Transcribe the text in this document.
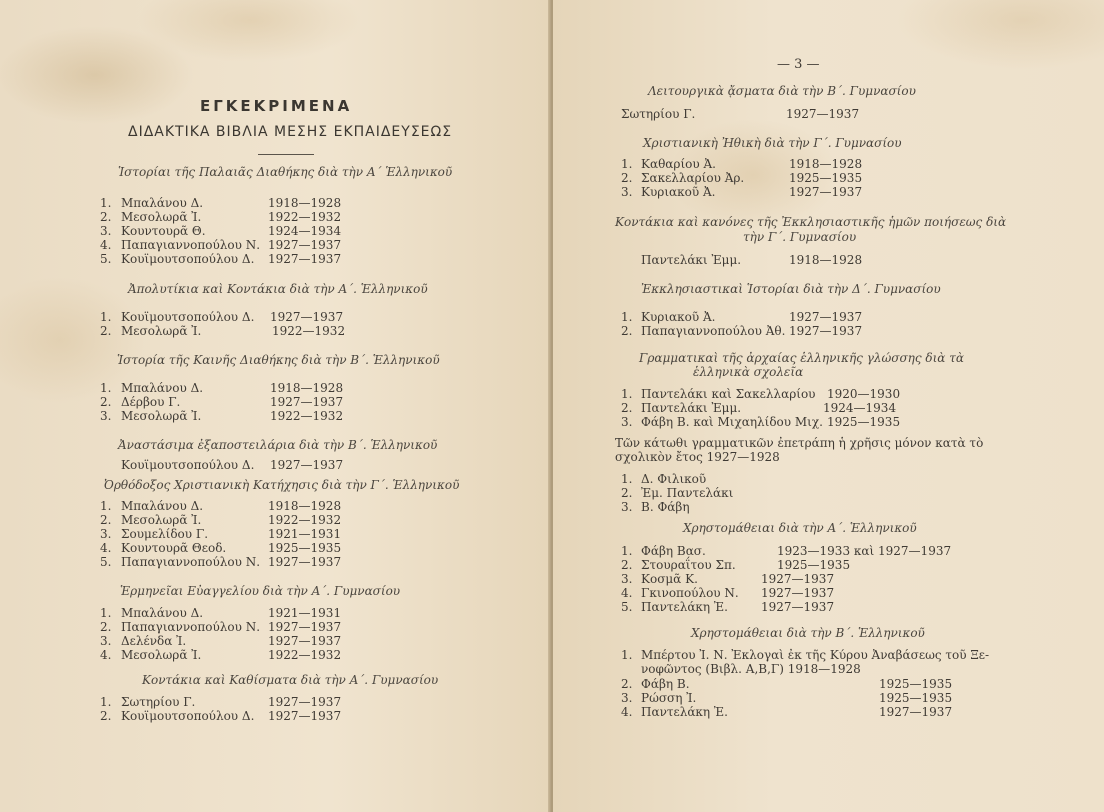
ΕΓΚΕΚΡΙΜΕΝΑ
ΔΙΔΑΚΤΙΚΑ ΒΙΒΛΙΑ ΜΕΣΗΣ ΕΚΠΑΙΔΕΥΣΕΩΣ
Ἱστορίαι τῆς Παλαιᾶς Διαθήκης διὰ τὴν Α΄ Ἑλληνικοῦ
1. Μπαλάνου Δ.	1918—1928
2. Μεσολωρᾶ Ἰ.	1922—1932
3. Κουντουρᾶ Θ.	1924—1934
4. Παπαγιαννοπούλου Ν. 1927—1937
5. Κουϊμουτσοπούλου Δ. 1927—1937
Ἀπολυτίκια καὶ Κοντάκια διὰ τὴν Α΄. Ἑλληνικοῦ
1. Κουϊμουτσοπούλου Δ. 1927—1937
2. Μεσολωρᾶ Ἰ.	1922—1932
Ἱστορία τῆς Καινῆς Διαθήκης διὰ τὴν Β΄. Ἑλληνικοῦ
1. Μπαλάνου Δ.	1918—1928
2. Δέρβου Γ.	1927—1937
3. Μεσολωρᾶ Ἰ.	1922—1932
Ἀναστάσιμα ἐξαποστειλάρια διὰ τὴν Β΄. Ἑλληνικοῦ
Κουϊμουτσοπούλου Δ. 1927—1937
Ὀρθόδοξος Χριστιανικὴ Κατήχησις διὰ τὴν Γ΄. Ἑλληνικοῦ
1. Μπαλάνου Δ.	1918—1928
2. Μεσολωρᾶ Ἰ.	1922—1932
3. Σουμελίδου Γ.	1921—1931
4. Κουντουρᾶ Θεοδ.	1925—1935
5. Παπαγιαννοπούλου Ν. 1927—1937
Ἑρμηνεῖαι Εὐαγγελίου διὰ τὴν Α΄. Γυμνασίου
1. Μπαλάνου Δ.	1921—1931
2. Παπαγιαννοπούλου Ν. 1927—1937
3. Δελένδα Ἰ.	1927—1937
4. Μεσολωρᾶ Ἰ.	1922—1932
Κοντάκια καὶ Καθίσματα διὰ τὴν Α΄. Γυμνασίου
1. Σωτηρίου Γ.	1927—1937
2. Κουϊμουτσοπούλου Δ. 1927—1937
— 3 —
Λειτουργικὰ ᾄσματα διὰ τὴν Β΄. Γυμνασίου
Σωτηρίου Γ.	1927—1937
Χριστιανικὴ Ἠθικὴ διὰ τὴν Γ΄. Γυμνασίου
1. Καθαρίου Ἀ.	1918—1928
2. Σακελλαρίου Ἀρ.	1925—1935
3. Κυριακοῦ Ἀ.	1927—1937
Κοντάκια καὶ κανόνες τῆς Ἐκκλησιαστικῆς ἡμῶν ποιήσεως διὰ
τὴν Γ΄. Γυμνασίου
Παντελάκι Ἐμμ.	1918—1928
Ἐκκλησιαστικαὶ Ἱστορίαι διὰ τὴν Δ΄. Γυμνασίου
1. Κυριακοῦ Ἀ.	1927—1937
2. Παπαγιαννοπούλου Ἀθ. 1927—1937
Γραμματικαὶ τῆς ἀρχαίας ἑλληνικῆς γλώσσης διὰ τὰ
ἑλληνικὰ σχολεῖα
1. Παντελάκι καὶ Σακελλαρίου 1920—1930
2. Παντελάκι Ἐμμ.	1924—1934
3. Φάβη Β. καὶ Μιχαηλίδου Μιχ. 1925—1935
Τῶν κάτωθι γραμματικῶν ἐπετράπη ἡ χρῆσις μόνον κατὰ τὸ σχολικὸν ἔτος 1927—1928
1. Δ. Φιλικοῦ
2. Ἐμ. Παντελάκι
3. Β. Φάβη
Χρηστομάθειαι διὰ τὴν Α΄. Ἑλληνικοῦ
1. Φάβη Βασ.	1923—1933 καὶ 1927—1937
2. Στουραΐτου Σπ.	1925—1935
3. Κοσμᾶ Κ.	1927—1937
4. Γκινοπούλου Ν. 1927—1937
5. Παντελάκη Ἐ.	1927—1937
Χρηστομάθειαι διὰ τὴν Β΄. Ἑλληνικοῦ
1. Μπέρτου Ἰ. Ν. Ἐκλογαὶ ἐκ τῆς Κύρου Ἀναβάσεως τοῦ Ξε-
νοφῶντος (Βιβλ. Α,Β,Γ) 1918—1928
2. Φάβη Β.	1925—1935
3. Ρώσση Ἰ.	1925—1935
4. Παντελάκη Ἐ.	1927—1937
